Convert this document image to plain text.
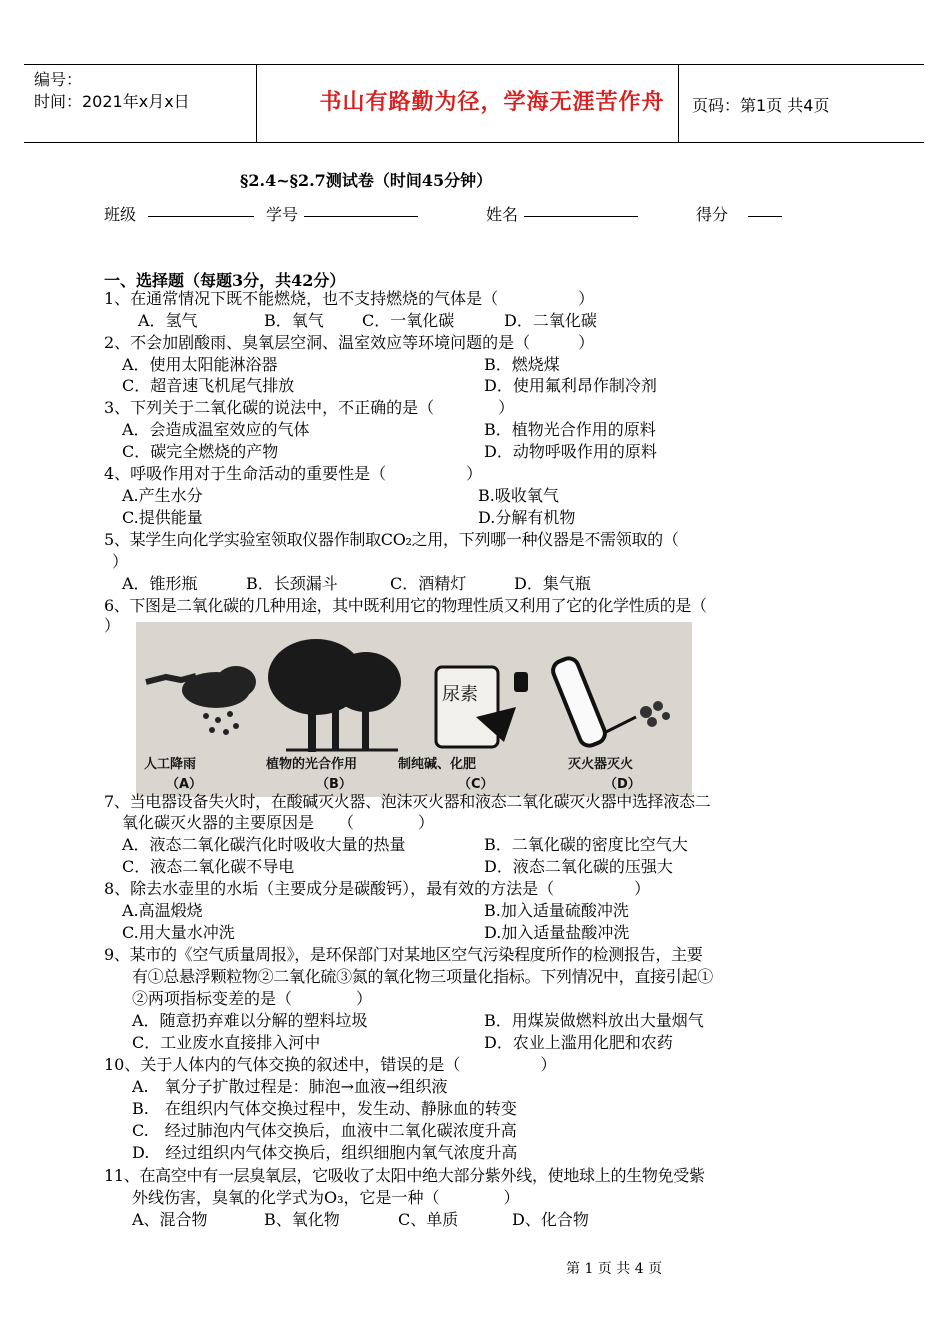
编号：
时间：2021年x月x日	书山有路勤为径，学海无涯苦作舟	页码：第1页 共4页
§2.4~§2.7测试卷（时间45分钟）
班级	学号	姓名	得分
一、选择题（每题3分，共42分）
1、在通常情况下既不能燃烧，也不支持燃烧的气体是（　　　　　）
A．氢气	B．氧气 C．一氧化碳	D．二氧化碳
2、不会加剧酸雨、臭氧层空洞、温室效应等环境问题的是（　　　）
A．使用太阳能淋浴器	B．燃烧煤
C．超音速飞机尾气排放	D．使用氟利昂作制冷剂
3、下列关于二氧化碳的说法中，不正确的是（　　　　）
A．会造成温室效应的气体	B．植物光合作用的原料
C．碳完全燃烧的产物	D．动物呼吸作用的原料
4、呼吸作用对于生命活动的重要性是（　　　　　）
A.产生水分	B.吸收氧气
C.提供能量	D.分解有机物
5、某学生向化学实验室领取仪器作制取CO₂之用，下列哪一种仪器是不需领取的（
）
A．锥形瓶	B．长颈漏斗	C．酒精灯	D．集气瓶
6、下图是二氧化碳的几种用途，其中既利用它的物理性质又利用了它的化学性质的是（
）
尿素
人工降雨	植物的光合作用	制纯碱、化肥	灭火器灭火
（A）	（B）	（C）	（D）
7、当电器设备失火时，在酸碱灭火器、泡沫灭火器和液态二氧化碳灭火器中选择液态二
氧化碳灭火器的主要原因是　　（　　　　）
A．液态二氧化碳汽化时吸收大量的热量	B．二氧化碳的密度比空气大
C．液态二氧化碳不导电	D．液态二氧化碳的压强大
8、除去水壶里的水垢（主要成分是碳酸钙），最有效的方法是（　　　　　）
A.高温煅烧	B.加入适量硫酸冲洗
C.用大量水冲洗	D.加入适量盐酸冲洗
9、某市的《空气质量周报》，是环保部门对某地区空气污染程度所作的检测报告，主要
有①总悬浮颗粒物②二氧化硫③氮的氧化物三项量化指标。下列情况中，直接引起①
②两项指标变差的是（　　　　）
A．随意扔弃难以分解的塑料垃圾	B．用煤炭做燃料放出大量烟气
C．工业废水直接排入河中	D．农业上滥用化肥和农药
10、关于人体内的气体交换的叙述中，错误的是（　　　　　）
A.　氧分子扩散过程是：肺泡→血液→组织液
B.　在组织内气体交换过程中，发生动、静脉血的转变
C.　经过肺泡内气体交换后，血液中二氧化碳浓度升高
D.　经过组织内气体交换后，组织细胞内氧气浓度升高
11、在高空中有一层臭氧层，它吸收了太阳中绝大部分紫外线，使地球上的生物免受紫
外线伤害，臭氧的化学式为O₃，它是一种（　　　　）
A、混合物	B、氧化物	C、单质	D、化合物
第 1 页 共 4 页
